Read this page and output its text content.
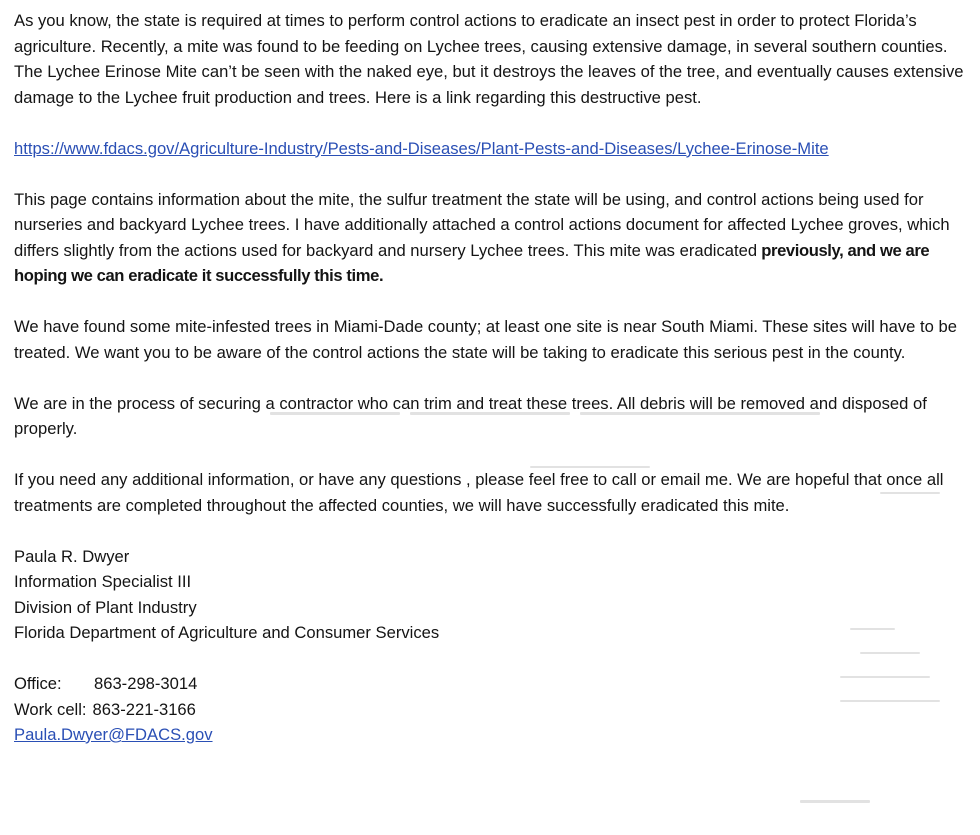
As you know, the state is required at times to perform control actions to eradicate an insect pest in order to protect Florida’s agriculture. Recently, a mite was found to be feeding on Lychee trees, causing extensive damage, in several southern counties. The Lychee Erinose Mite can’t be seen with the naked eye, but it destroys the leaves of the tree, and eventually causes extensive damage to the Lychee fruit production and trees. Here is a link regarding this destructive pest.

https://www.fdacs.gov/Agriculture-Industry/Pests-and-Diseases/Plant-Pests-and-Diseases/Lychee-Erinose-Mite

This page contains information about the mite, the sulfur treatment the state will be using, and control actions being used for nurseries and backyard Lychee trees. I have additionally attached a control actions document for affected Lychee groves, which differs slightly from the actions used for backyard and nursery Lychee trees. This mite was eradicated previously, and we are hoping we can eradicate it successfully this time.

We have found some mite-infested trees in Miami-Dade county; at least one site is near South Miami. These sites will have to be treated. We want you to be aware of the control actions the state will be taking to eradicate this serious pest in the county.

We are in the process of securing a contractor who can trim and treat these trees. All debris will be removed and disposed of properly.

If you need any additional information, or have any questions , please feel free to call or email me. We are hopeful that once all treatments are completed throughout the affected counties, we will have successfully eradicated this mite.

Paula R. Dwyer

Information Specialist III

Division of Plant Industry

Florida Department of Agriculture and Consumer Services

Office:	863-298-3014
Work cell: 863-221-3166
Paula.Dwyer@FDACS.gov
